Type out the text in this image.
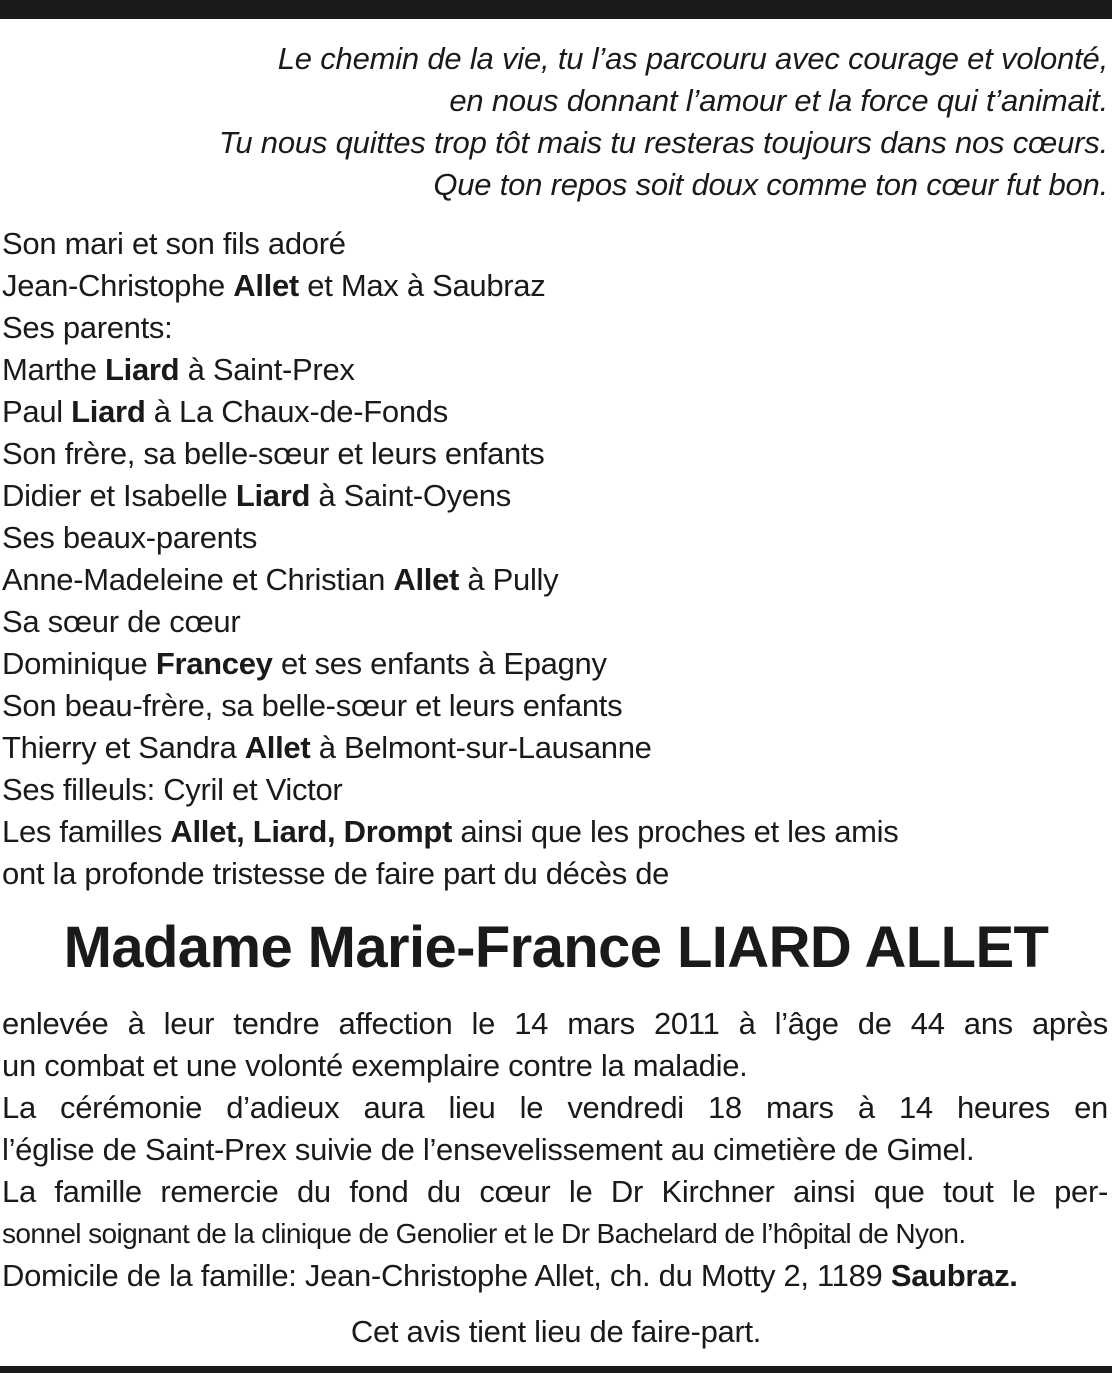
Le chemin de la vie, tu l’as parcouru avec courage et volonté,
en nous donnant l’amour et la force qui t’animait.
Tu nous quittes trop tôt mais tu resteras toujours dans nos cœurs.
Que ton repos soit doux comme ton cœur fut bon.
Son mari et son fils adoré
Jean-Christophe Allet et Max à Saubraz
Ses parents:
Marthe Liard à Saint-Prex
Paul Liard à La Chaux-de-Fonds
Son frère, sa belle-sœur et leurs enfants
Didier et Isabelle Liard à Saint-Oyens
Ses beaux-parents
Anne-Madeleine et Christian Allet à Pully
Sa sœur de cœur
Dominique Francey et ses enfants à Epagny
Son beau-frère, sa belle-sœur et leurs enfants
Thierry et Sandra Allet à Belmont-sur-Lausanne
Ses filleuls: Cyril et Victor
Les familles Allet, Liard, Drompt ainsi que les proches et les amis
ont la profonde tristesse de faire part du décès de
Madame Marie-France LIARD ALLET
enlevée à leur tendre affection le 14 mars 2011 à l’âge de 44 ans après
un combat et une volonté exemplaire contre la maladie.
La cérémonie d’adieux aura lieu le vendredi 18 mars à 14 heures en
l’église de Saint-Prex suivie de l’ensevelissement au cimetière de Gimel.
La famille remercie du fond du cœur le Dr Kirchner ainsi que tout le per-
sonnel soignant de la clinique de Genolier et le Dr Bachelard de l’hôpital de Nyon.
Domicile de la famille: Jean-Christophe Allet, ch. du Motty 2, 1189 Saubraz.
Cet avis tient lieu de faire-part.
